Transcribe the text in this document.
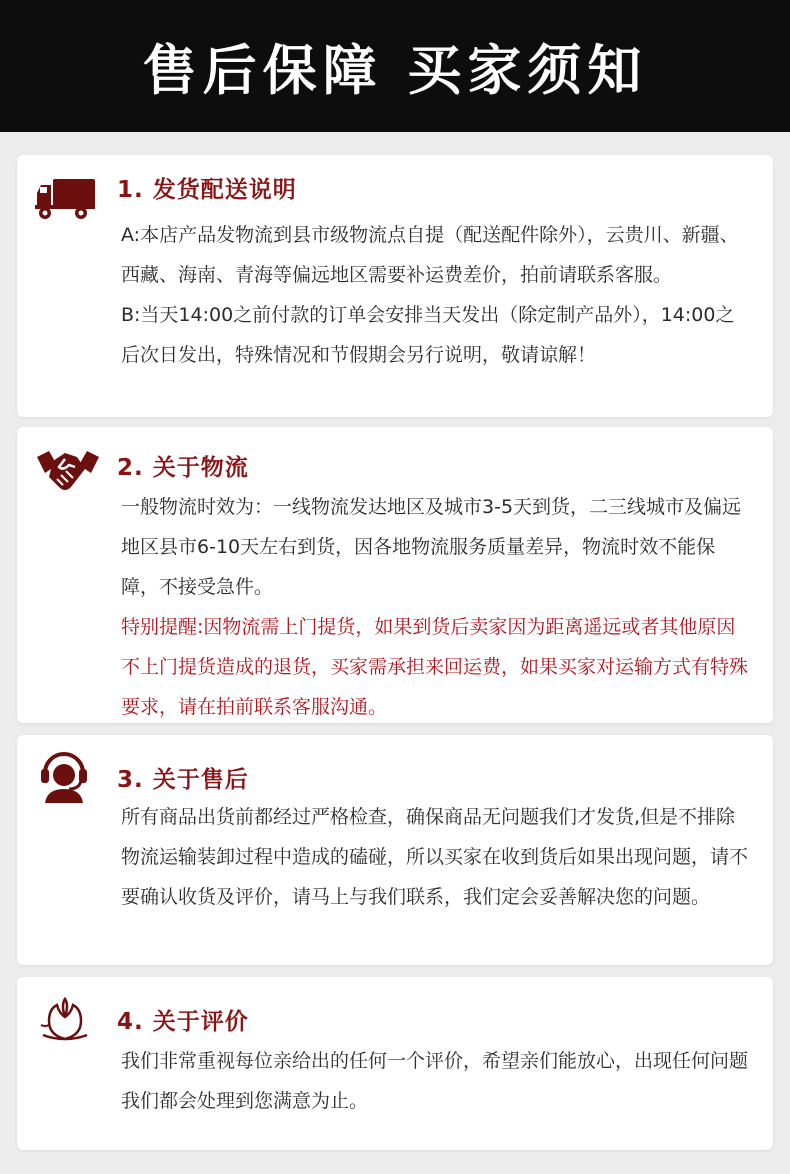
售后保障 买家须知
1. 发货配送说明

A:本店产品发物流到县市级物流点自提（配送配件除外），云贵川、新疆、西藏、海南、青海等偏远地区需要补运费差价，拍前请联系客服。

B:当天14:00之前付款的订单会安排当天发出（除定制产品外），14:00之后次日发出，特殊情况和节假期会另行说明，敬请谅解！

2. 关于物流

一般物流时效为：一线物流发达地区及城市3-5天到货，二三线城市及偏远地区县市6-10天左右到货，因各地物流服务质量差异，物流时效不能保障，不接受急件。

特别提醒:因物流需上门提货，如果到货后卖家因为距离遥远或者其他原因不上门提货造成的退货，买家需承担来回运费，如果买家对运输方式有特殊要求，请在拍前联系客服沟通。

3. 关于售后

所有商品出货前都经过严格检查，确保商品无问题我们才发货,但是不排除物流运输装卸过程中造成的磕碰，所以买家在收到货后如果出现问题，请不要确认收货及评价，请马上与我们联系，我们定会妥善解决您的问题。

4. 关于评价

我们非常重视每位亲给出的任何一个评价，希望亲们能放心，出现任何问题我们都会处理到您满意为止。
